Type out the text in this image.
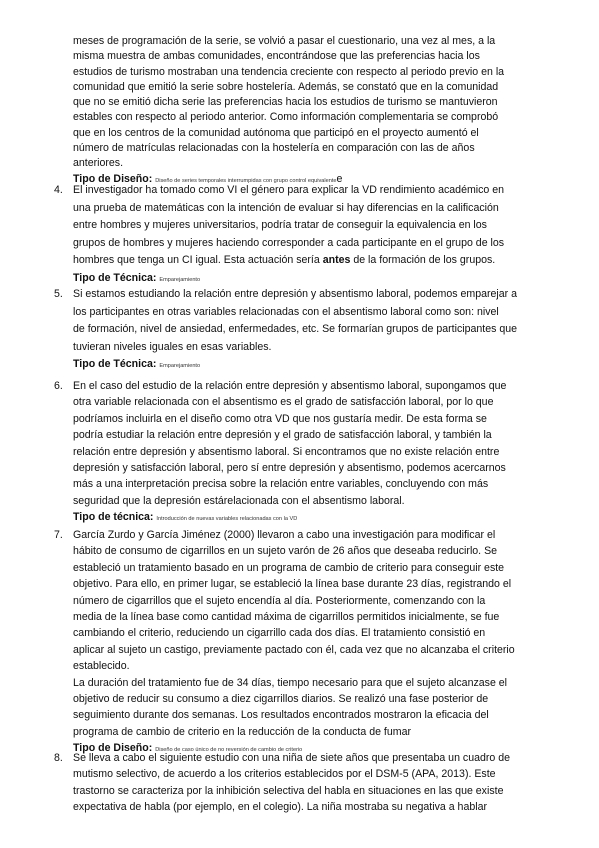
meses de programación de la serie, se volvió a pasar el cuestionario, una vez al mes, a la

misma muestra de ambas comunidades, encontrándose que las preferencias hacia los

estudios de turismo mostraban una tendencia creciente con respecto al periodo previo en la

comunidad que emitió la serie sobre hostelería. Además, se constató que en la comunidad

que no se emitió dicha serie las preferencias hacia los estudios de turismo se mantuvieron

estables con respecto al periodo anterior. Como información complementaria se comprobó

que en los centros de la comunidad autónoma que participó en el proyecto aumentó el

número de matrículas relacionadas con la hostelería en comparación con las de años

anteriores.

Tipo de Diseño: Diseño de series temporales interrumpidas con grupo control equivalentee

4. El investigador ha tomado como VI el género para explicar la VD rendimiento académico en

una prueba de matemáticas con la intención de evaluar si hay diferencias en la calificación

entre hombres y mujeres universitarios, podría tratar de conseguir la equivalencia en los

grupos de hombres y mujeres haciendo corresponder a cada participante en el grupo de los

hombres que tenga un CI igual. Esta actuación sería antes de la formación de los grupos.

Tipo de Técnica: Emparejamiento

5. Si estamos estudiando la relación entre depresión y absentismo laboral, podemos emparejar a

los participantes en otras variables relacionadas con el absentismo laboral como son: nivel

de formación, nivel de ansiedad, enfermedades, etc. Se formarían grupos de participantes que

tuvieran niveles iguales en esas variables.

Tipo de Técnica: Emparejamiento

6. En el caso del estudio de la relación entre depresión y absentismo laboral, supongamos que

otra variable relacionada con el absentismo es el grado de satisfacción laboral, por lo que

podríamos incluirla en el diseño como otra VD que nos gustaría medir. De esta forma se

podría estudiar la relación entre depresión y el grado de satisfacción laboral, y también la

relación entre depresión y absentismo laboral. Si encontramos que no existe relación entre

depresión y satisfacción laboral, pero sí entre depresión y absentismo, podemos acercarnos

más a una interpretación precisa sobre la relación entre variables, concluyendo con más

seguridad que la depresión estárelacionada con el absentismo laboral.

Tipo de técnica: Introducción de nuevas variables relacionadas con la VD

7. García Zurdo y García Jiménez (2000) llevaron a cabo una investigación para modificar el

hábito de consumo de cigarrillos en un sujeto varón de 26 años que deseaba reducirlo. Se

estableció un tratamiento basado en un programa de cambio de criterio para conseguir este

objetivo. Para ello, en primer lugar, se estableció la línea base durante 23 días, registrando el

número de cigarrillos que el sujeto encendía al día. Posteriormente, comenzando con la

media de la línea base como cantidad máxima de cigarrillos permitidos inicialmente, se fue

cambiando el criterio, reduciendo un cigarrillo cada dos días. El tratamiento consistió en

aplicar al sujeto un castigo, previamente pactado con él, cada vez que no alcanzaba el criterio

establecido.

La duración del tratamiento fue de 34 días, tiempo necesario para que el sujeto alcanzase el

objetivo de reducir su consumo a diez cigarrillos diarios. Se realizó una fase posterior de

seguimiento durante dos semanas. Los resultados encontrados mostraron la eficacia del

programa de cambio de criterio en la reducción de la conducta de fumar

Tipo de Diseño: Diseño de caso único de no reversión de cambio de criterio

8. Se lleva a cabo el siguiente estudio con una niña de siete años que presentaba un cuadro de

mutismo selectivo, de acuerdo a los criterios establecidos por el DSM-5 (APA, 2013). Este

trastorno se caracteriza por la inhibición selectiva del habla en situaciones en las que existe

expectativa de habla (por ejemplo, en el colegio). La niña mostraba su negativa a hablar
